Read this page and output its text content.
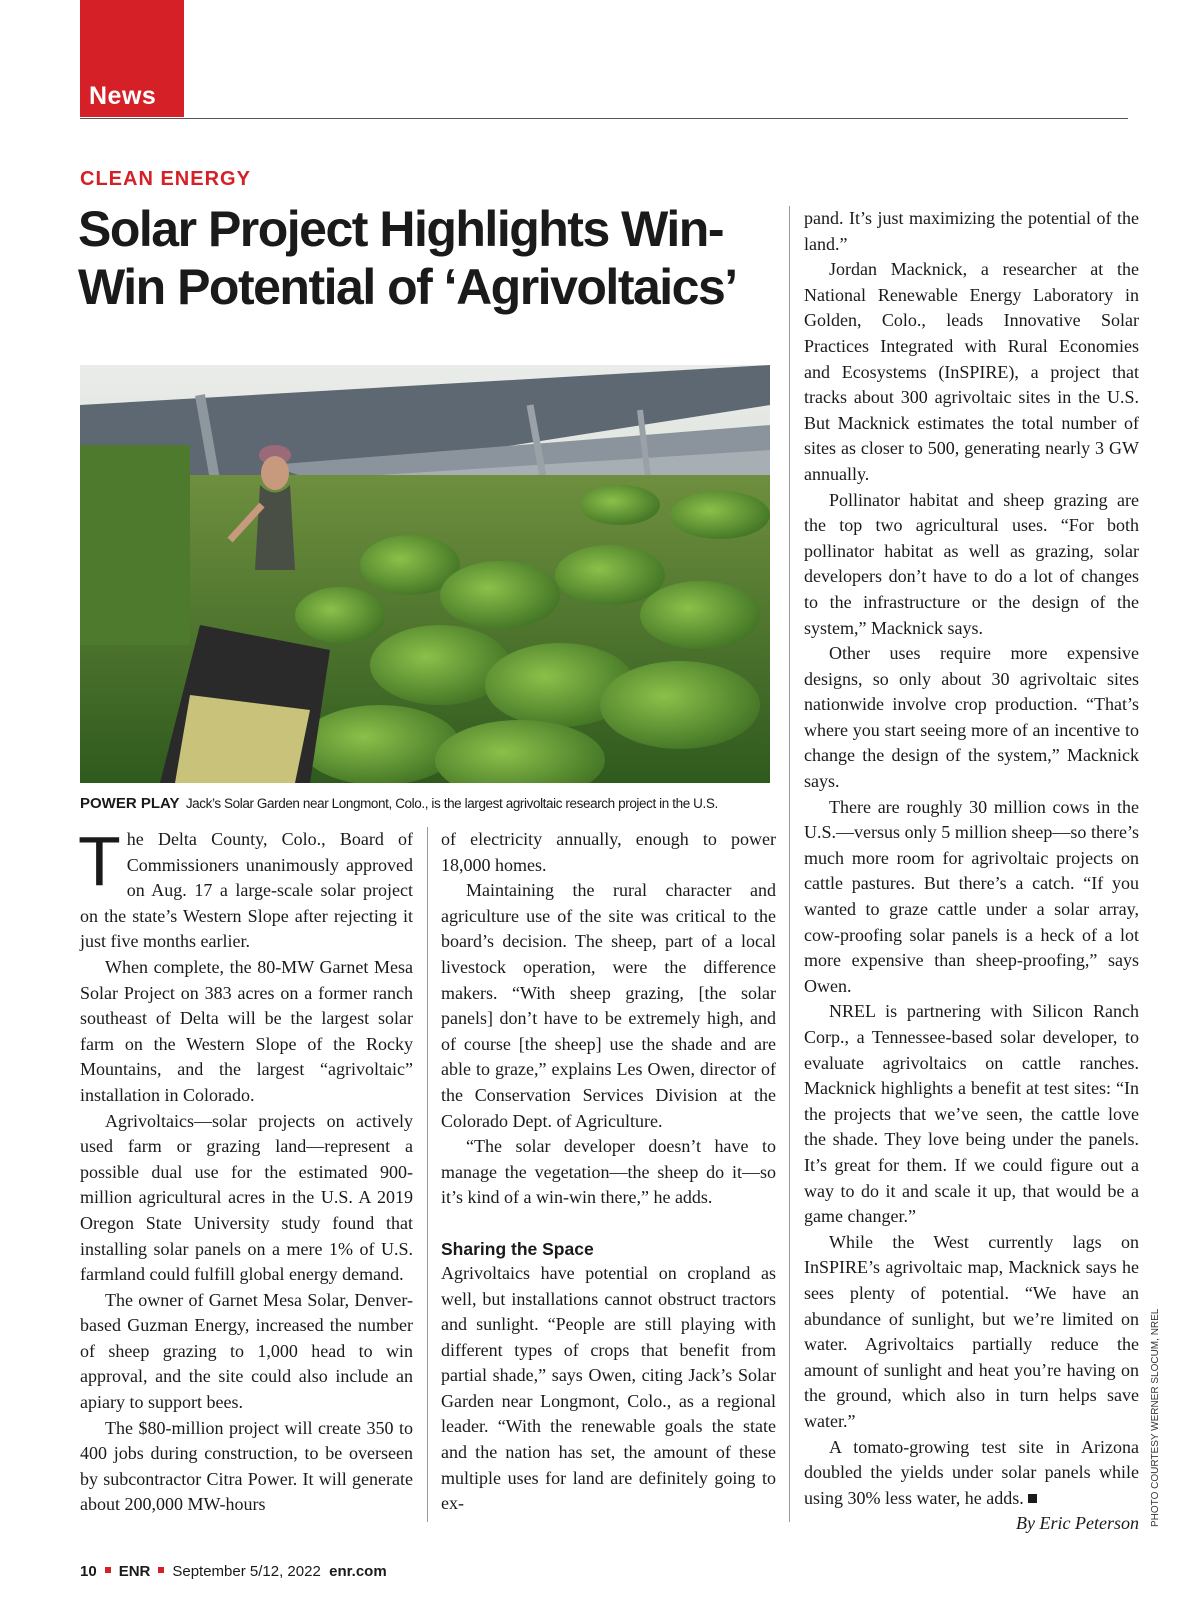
News
CLEAN ENERGY
Solar Project Highlights Win-Win Potential of ‘Agrivoltaics’
POWER PLAY Jack’s Solar Garden near Longmont, Colo., is the largest agrivoltaic research project in the U.S.

The Delta County, Colo., Board of Commissioners unanimously approved on Aug. 17 a large-scale solar project on the state’s Western Slope after rejecting it just five months earlier.

When complete, the 80-MW Garnet Mesa Solar Project on 383 acres on a former ranch southeast of Delta will be the largest solar farm on the Western Slope of the Rocky Mountains, and the largest “agrivoltaic” installation in Colorado.

Agrivoltaics—solar projects on actively used farm or grazing land—represent a possible dual use for the estimated 900-million agricultural acres in the U.S. A 2019 Oregon State University study found that installing solar panels on a mere 1% of U.S. farmland could fulfill global energy demand.

The owner of Garnet Mesa Solar, Denver-based Guzman Energy, increased the number of sheep grazing to 1,000 head to win approval, and the site could also include an apiary to support bees.

The $80-million project will create 350 to 400 jobs during construction, to be overseen by subcontractor Citra Power. It will generate about 200,000 MW-hours

of electricity annually, enough to power 18,000 homes.

Maintaining the rural character and agriculture use of the site was critical to the board’s decision. The sheep, part of a local livestock operation, were the difference makers. “With sheep grazing, [the solar panels] don’t have to be extremely high, and of course [the sheep] use the shade and are able to graze,” explains Les Owen, director of the Conservation Services Division at the Colorado Dept. of Agriculture.

“The solar developer doesn’t have to manage the vegetation—the sheep do it—so it’s kind of a win-win there,” he adds.

Sharing the Space

Agrivoltaics have potential on cropland as well, but installations cannot obstruct tractors and sunlight. “People are still playing with different types of crops that benefit from partial shade,” says Owen, citing Jack’s Solar Garden near Longmont, Colo., as a regional leader. “With the renewable goals the state and the nation has set, the amount of these multiple uses for land are definitely going to ex-

pand. It’s just maximizing the potential of the land.”

Jordan Macknick, a researcher at the National Renewable Energy Laboratory in Golden, Colo., leads Innovative Solar Practices Integrated with Rural Economies and Ecosystems (InSPIRE), a project that tracks about 300 agrivoltaic sites in the U.S. But Macknick estimates the total number of sites as closer to 500, generating nearly 3 GW annually.

Pollinator habitat and sheep grazing are the top two agricultural uses. “For both pollinator habitat as well as grazing, solar developers don’t have to do a lot of changes to the infrastructure or the design of the system,” Macknick says.

Other uses require more expensive designs, so only about 30 agrivoltaic sites nationwide involve crop production. “That’s where you start seeing more of an incentive to change the design of the system,” Macknick says.

There are roughly 30 million cows in the U.S.—versus only 5 million sheep—so there’s much more room for agrivoltaic projects on cattle pastures. But there’s a catch. “If you wanted to graze cattle under a solar array, cow-proofing solar panels is a heck of a lot more expensive than sheep-proofing,” says Owen.

NREL is partnering with Silicon Ranch Corp., a Tennessee-based solar developer, to evaluate agrivoltaics on cattle ranches. Macknick highlights a benefit at test sites: “In the projects that we’ve seen, the cattle love the shade. They love being under the panels. It’s great for them. If we could figure out a way to do it and scale it up, that would be a game changer.”

While the West currently lags on InSPIRE’s agrivoltaic map, Macknick says he sees plenty of potential. “We have an abundance of sunlight, but we’re limited on water. Agrivoltaics partially reduce the amount of sunlight and heat you’re having on the ground, which also in turn helps save water.”

A tomato-growing test site in Arizona doubled the yields under solar panels while using 30% less water, he adds.

By Eric Peterson PHOTO COURTESY WERNER SLOCUM, NREL
10 ENR September 5/12, 2022 enr.com
